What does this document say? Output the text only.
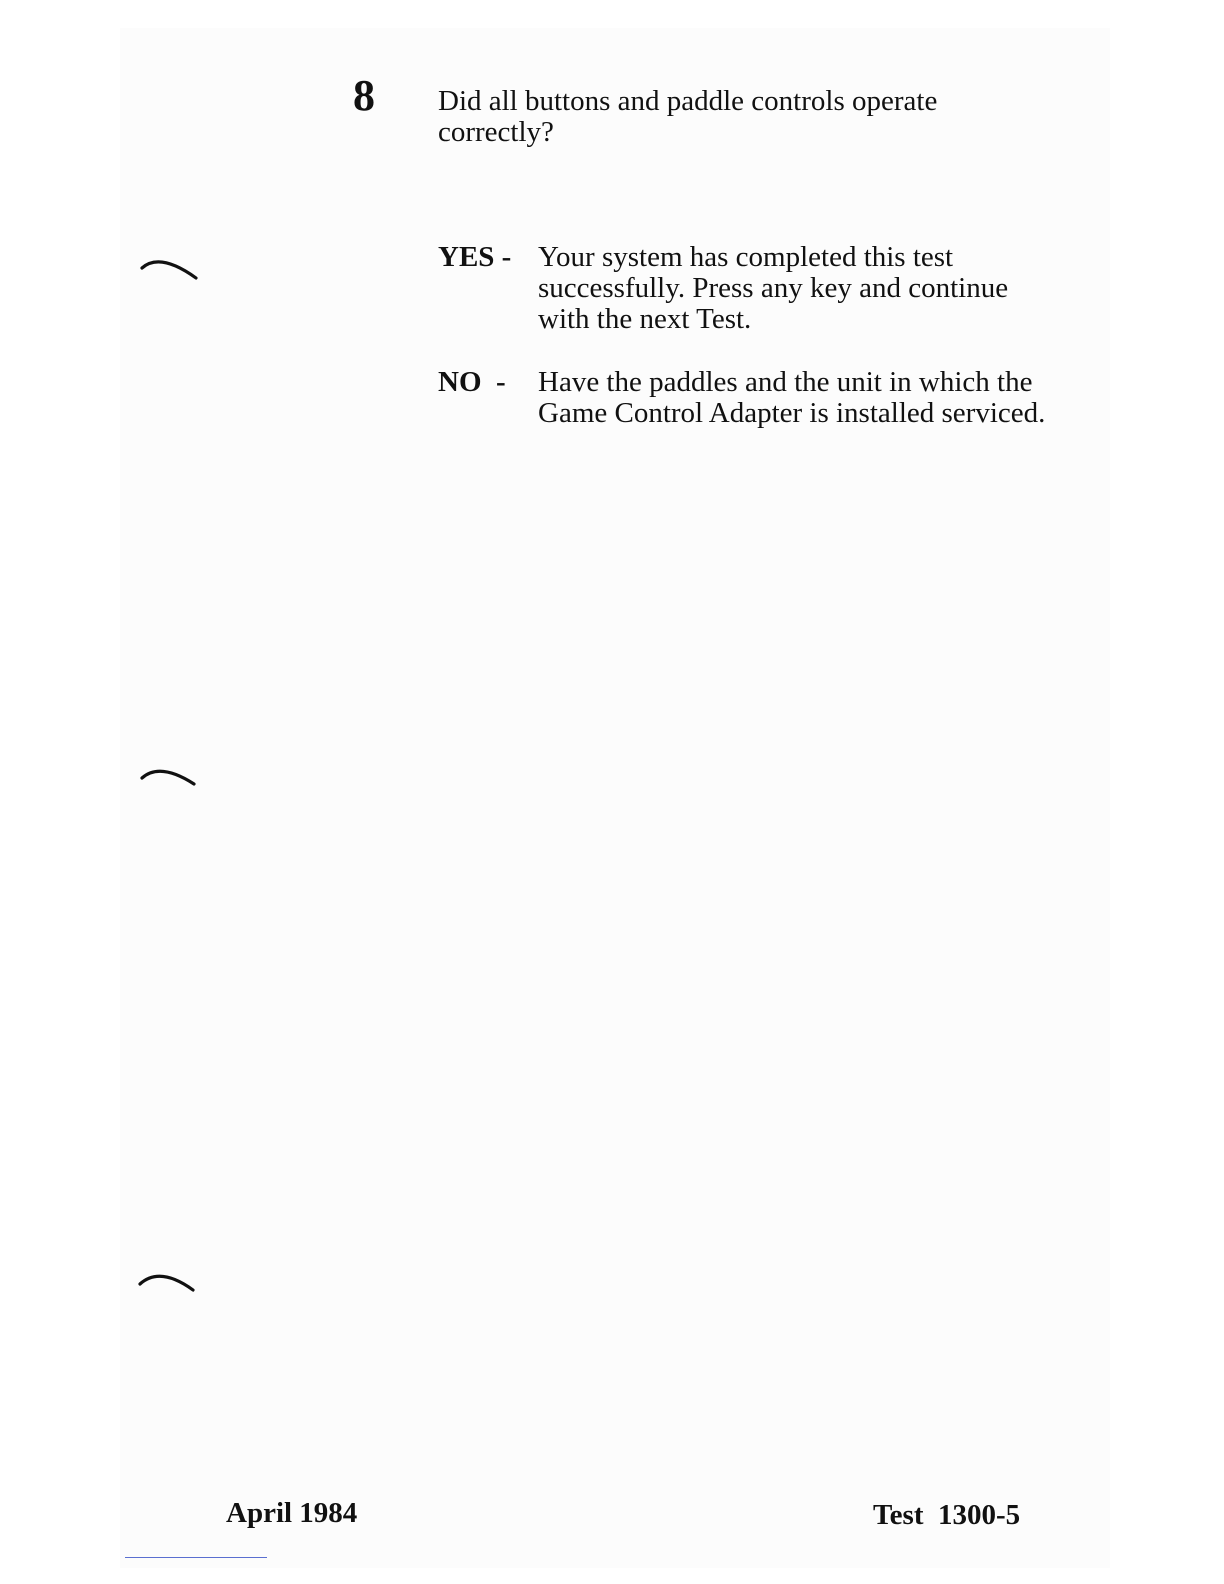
8 Did all buttons and paddle controls operate correctly?
YES - Your system has completed this test successfully. Press any key and continue with the next Test.
NO  - Have the paddles and the unit in which the Game Control Adapter is installed serviced.
April 1984	Test  1300-5
